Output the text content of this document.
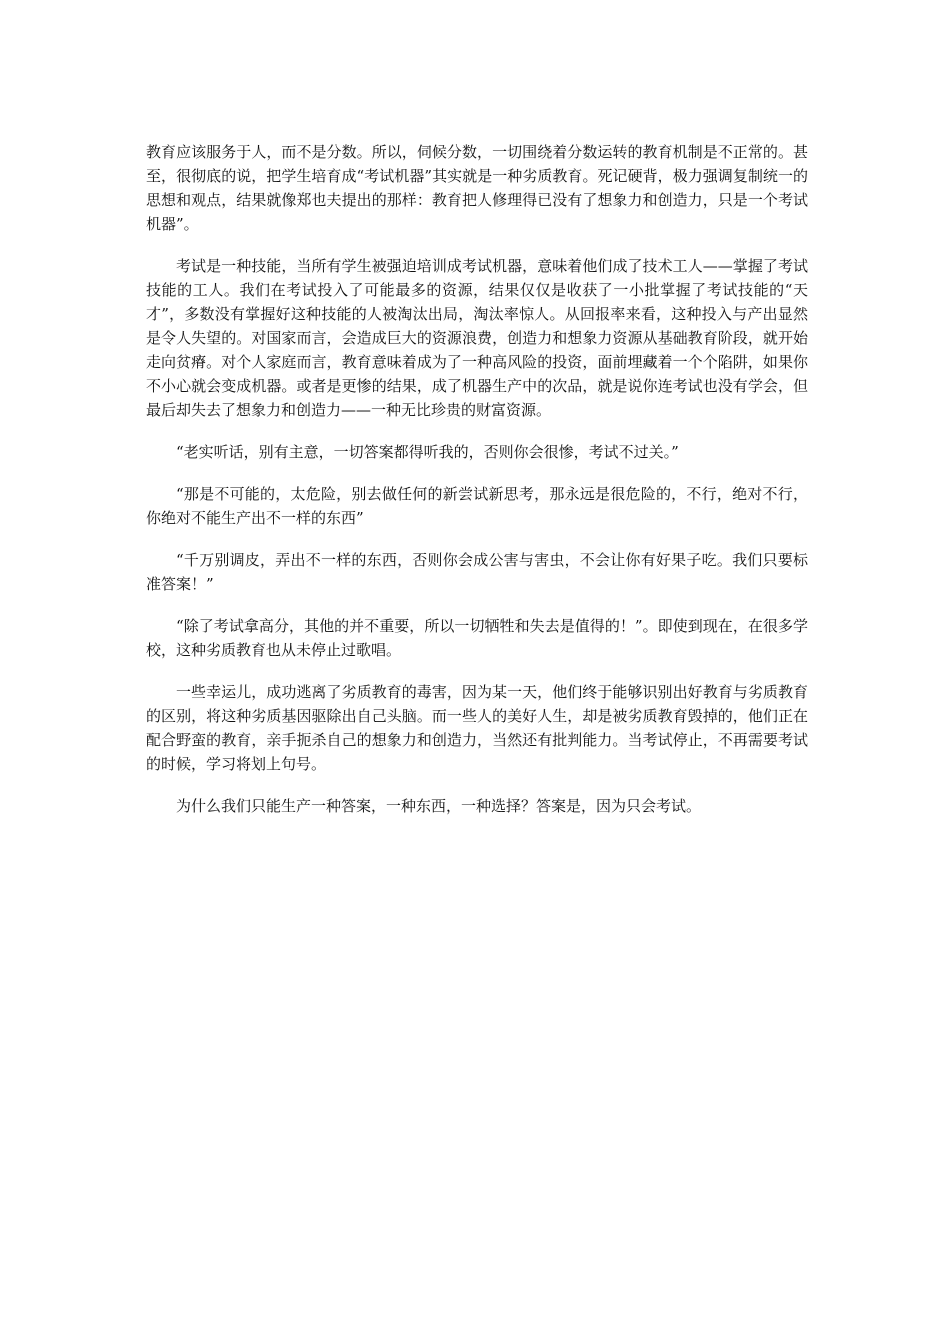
教育应该服务于人，而不是分数。所以，伺候分数，一切围绕着分数运转的教育机制是不正常的。甚至，很彻底的说，把学生培育成“考试机器”其实就是一种劣质教育。死记硬背，极力强调复制统一的思想和观点，结果就像郑也夫提出的那样：教育把人修理得已没有了想象力和创造力，只是一个考试机器”。

考试是一种技能，当所有学生被强迫培训成考试机器，意味着他们成了技术工人——掌握了考试技能的工人。我们在考试投入了可能最多的资源，结果仅仅是收获了一小批掌握了考试技能的“天才”，多数没有掌握好这种技能的人被淘汰出局，淘汰率惊人。从回报率来看，这种投入与产出显然是令人失望的。对国家而言，会造成巨大的资源浪费，创造力和想象力资源从基础教育阶段，就开始走向贫瘠。对个人家庭而言，教育意味着成为了一种高风险的投资，面前埋藏着一个个陷阱，如果你不小心就会变成机器。或者是更惨的结果，成了机器生产中的次品，就是说你连考试也没有学会，但最后却失去了想象力和创造力——一种无比珍贵的财富资源。

“老实听话，别有主意，一切答案都得听我的，否则你会很惨，考试不过关。”

“那是不可能的，太危险，别去做任何的新尝试新思考，那永远是很危险的，不行，绝对不行，你绝对不能生产出不一样的东西”

“千万别调皮，弄出不一样的东西，否则你会成公害与害虫，不会让你有好果子吃。我们只要标准答案！”

“除了考试拿高分，其他的并不重要，所以一切牺牲和失去是值得的！”。即使到现在，在很多学校，这种劣质教育也从未停止过歌唱。

一些幸运儿，成功逃离了劣质教育的毒害，因为某一天，他们终于能够识别出好教育与劣质教育的区别，将这种劣质基因驱除出自己头脑。而一些人的美好人生，却是被劣质教育毁掉的，他们正在配合野蛮的教育，亲手扼杀自己的想象力和创造力，当然还有批判能力。当考试停止，不再需要考试的时候，学习将划上句号。

为什么我们只能生产一种答案，一种东西，一种选择？答案是，因为只会考试。
